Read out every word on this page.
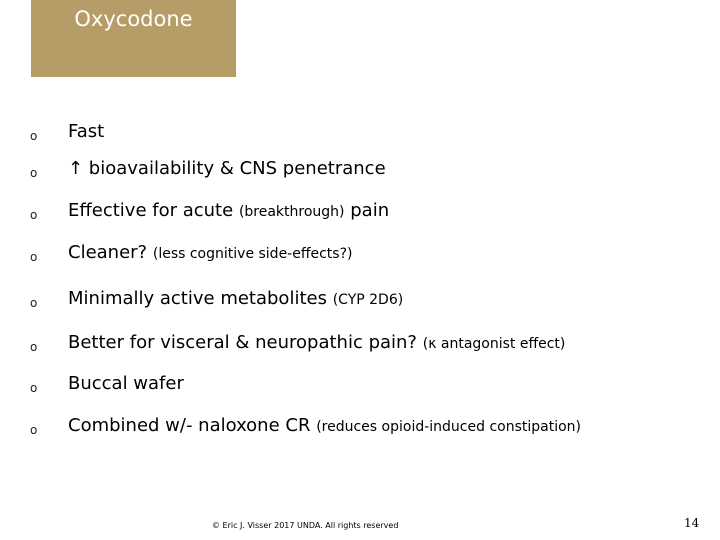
Oxycodone
o Fast
o ↑ bioavailability & CNS penetrance
o Effective for acute (breakthrough) pain
o Cleaner? (less cognitive side-effects?)
o Minimally active metabolites (CYP 2D6)
o Better for visceral & neuropathic pain? (κ antagonist effect)
o Buccal wafer
o Combined w/- naloxone CR (reduces opioid-induced constipation)
© Eric J. Visser 2017 UNDA. All rights reserved	14
